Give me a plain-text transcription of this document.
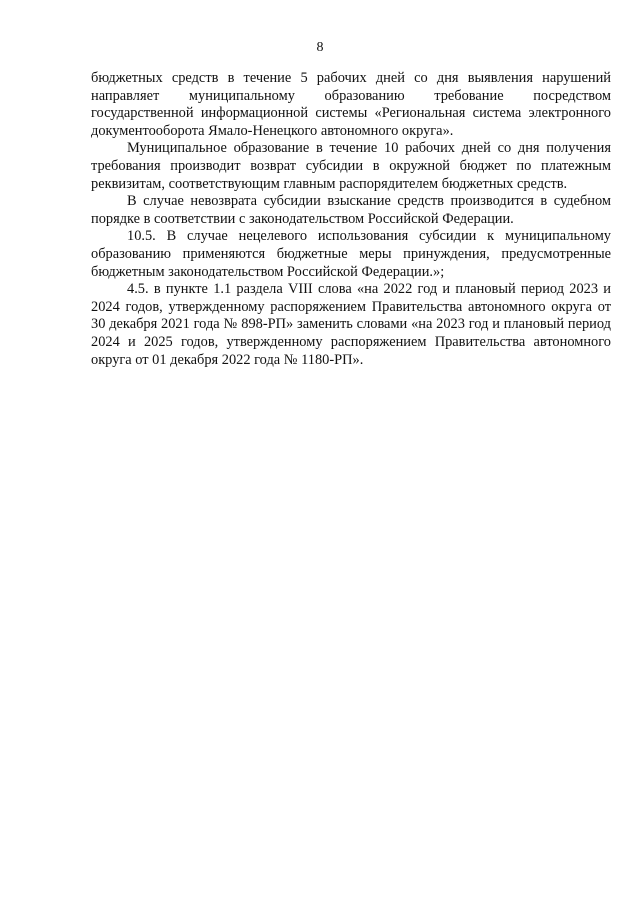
8

бюджетных средств в течение 5 рабочих дней со дня выявления нарушений направляет муниципальному образованию требование посредством государственной информационной системы «Региональная система электронного документооборота Ямало-Ненецкого автономного округа».

Муниципальное образование в течение 10 рабочих дней со дня получения требования производит возврат субсидии в окружной бюджет по платежным реквизитам, соответствующим главным распорядителем бюджетных средств.

В случае невозврата субсидии взыскание средств производится в судебном порядке в соответствии с законодательством Российской Федерации.

10.5. В случае нецелевого использования субсидии к муниципальному образованию применяются бюджетные меры принуждения, предусмотренные бюджетным законодательством Российской Федерации.»;

4.5. в пункте 1.1 раздела VIII слова «на 2022 год и плановый период 2023 и 2024 годов, утвержденному распоряжением Правительства автономного округа от 30 декабря 2021 года № 898-РП» заменить словами «на 2023 год и плановый период 2024 и 2025 годов, утвержденному распоряжением Правительства автономного округа от 01 декабря 2022 года № 1180-РП».
